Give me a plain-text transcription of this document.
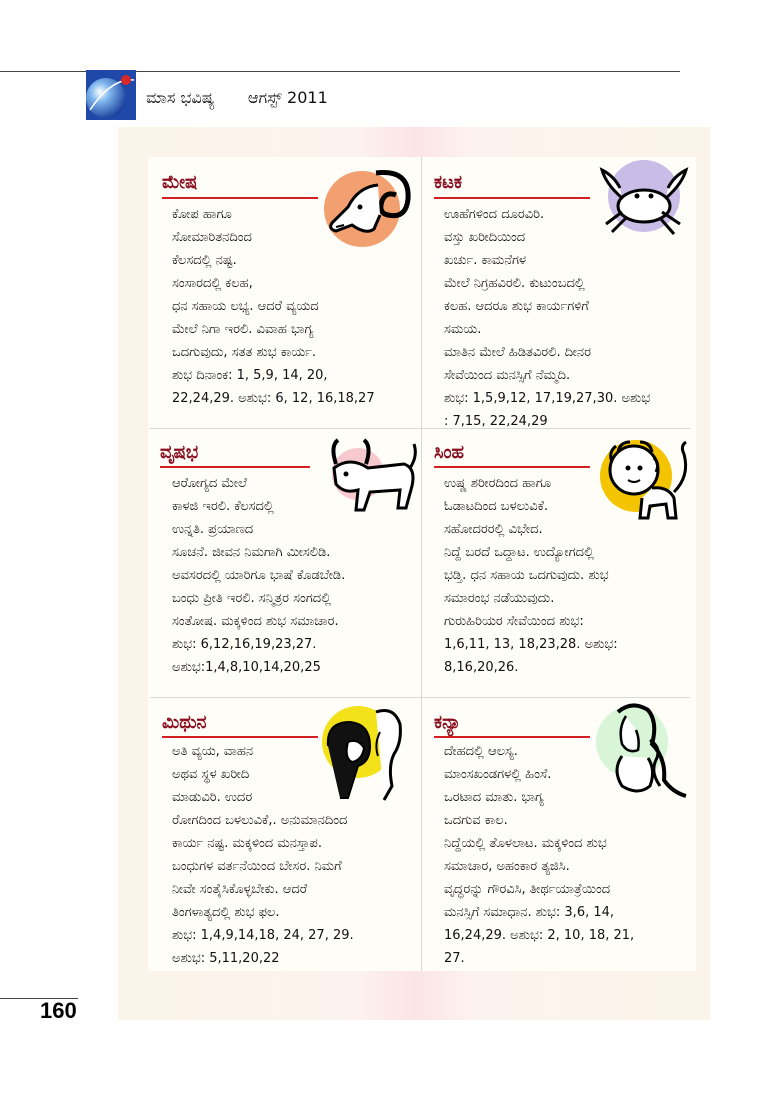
ಮಾಸ ಭವಿಷ್ಯ ಆಗಸ್ಟ್ 2011
ಮೇಷ
ಕೋಪ ಹಾಗೂ
ಸೋಮಾರಿತನದಿಂದ
ಕೆಲಸದಲ್ಲಿ ನಷ್ಟ.
ಸಂಸಾರದಲ್ಲಿ ಕಲಹ,
ಧನ ಸಹಾಯ ಲಭ್ಯ. ಆದರೆ ವ್ಯಯದ
ಮೇಲೆ ನಿಗಾ ಇರಲಿ. ವಿವಾಹ ಭಾಗ್ಯ
ಒದಗುವುದು, ಸತತ ಶುಭ ಕಾರ್ಯ.
ಶುಭ ದಿನಾಂಕ: 1, 5,9, 14, 20,
22,24,29. ಅಶುಭ: 6, 12, 16,18,27
ಕಟಕ
ಊಹೆಗಳಿಂದ ದೂರವಿರಿ.
ವಸ್ತು ಖರೀದಿಯಿಂದ
ಖರ್ಚು. ಕಾಮನೆಗಳ
ಮೇಲೆ ನಿಗ್ರಹವಿರಲಿ. ಕುಟುಂಬದಲ್ಲಿ
ಕಲಹ. ಆದರೂ ಶುಭ ಕಾರ್ಯಗಳಿಗೆ
ಸಮಯ.
ಮಾತಿನ ಮೇಲೆ ಹಿಡಿತವಿರಲಿ. ದೀನರ
ಸೇವೆಯಿಂದ ಮನಸ್ಸಿಗೆ ನೆಮ್ಮದಿ.
ಶುಭ: 1,5,9,12, 17,19,27,30. ಅಶುಭ
: 7,15, 22,24,29
ವೃಷಭ
ಆರೋಗ್ಯದ ಮೇಲೆ
ಕಾಳಜಿ ಇರಲಿ. ಕೆಲಸದಲ್ಲಿ
ಉನ್ನತಿ. ಪ್ರಯಾಣದ
ಸೂಚನೆ. ಜೀವನ ನಿಮಗಾಗಿ ಮೀಸಲಿಡಿ.
ಅವಸರದಲ್ಲಿ ಯಾರಿಗೂ ಭಾಷೆ ಕೊಡಬೇಡಿ.
ಬಂಧು ಪ್ರೀತಿ ಇರಲಿ. ಸನ್ಮಿತ್ರರ ಸಂಗದಲ್ಲಿ
ಸಂತೋಷ. ಮಕ್ಕಳಿಂದ ಶುಭ ಸಮಾಚಾರ.
ಶುಭ: 6,12,16,19,23,27.
ಅಶುಭ:1,4,8,10,14,20,25
ಸಿಂಹ
ಉಷ್ಣ ಶರೀರದಿಂದ ಹಾಗೂ
ಓಡಾಟದಿಂದ ಬಳಲುವಿಕೆ.
ಸಹೋದರರಲ್ಲಿ ವಿಭೇದ.
ನಿದ್ದೆ ಬರದೆ ಒದ್ದಾಟ. ಉದ್ಯೋಗದಲ್ಲಿ
ಭಡ್ತಿ. ಧನ ಸಹಾಯ ಒದಗುವುದು. ಶುಭ
ಸಮಾರಂಭ ನಡೆಯುವುದು.
ಗುರುಹಿರಿಯರ ಸೇವೆಯಿಂದ ಶುಭ:
1,6,11, 13, 18,23,28. ಅಶುಭ:
8,16,20,26.
ಮಿಥುನ
ಅತಿ ವ್ಯಯ, ವಾಹನ
ಅಥವ ಸ್ಥಳ ಖರೀದಿ
ಮಾಡುವಿರಿ. ಉದರ
ರೋಗದಿಂದ ಬಳಲುವಿಕೆ,. ಅನುಮಾನದಿಂದ
ಕಾರ್ಯ ನಷ್ಟ. ಮಕ್ಕಳಿಂದ ಮನಸ್ತಾಪ.
ಬಂಧುಗಳ ವರ್ತನೆಯಿಂದ ಬೇಸರ. ನಿಮಗೆ
ನೀವೇ ಸಂತೈಸಿಕೊಳ್ಳಬೇಕು. ಆದರೆ
ತಿಂಗಳಾತ್ಯದಲ್ಲಿ ಶುಭ ಫಲ.
ಶುಭ: 1,4,9,14,18, 24, 27, 29.
ಅಶುಭ: 5,11,20,22
ಕನ್ಯಾ
ದೇಹದಲ್ಲಿ ಆಲಸ್ಯ.
ಮಾಂಸಖಂಡಗಳಲ್ಲಿ ಹಿಂಸೆ.
ಒರಟಾದ ಮಾತು. ಭಾಗ್ಯ
ಒದಗುವ ಕಾಲ.
ನಿದ್ದೆಯಲ್ಲಿ ತೊಳಲಾಟ. ಮಕ್ಕಳಿಂದ ಶುಭ
ಸಮಾಚಾರ, ಅಹಂಕಾರ ತ್ಯಜಿಸಿ.
ವೃದ್ಧರನ್ನು ಗೌರವಿಸಿ, ತೀರ್ಥಯಾತ್ರೆಯಿಂದ
ಮನಸ್ಸಿಗೆ ಸಮಾಧಾನ. ಶುಭ: 3,6, 14,
16,24,29. ಅಶುಭ: 2, 10, 18, 21,
27.
160
